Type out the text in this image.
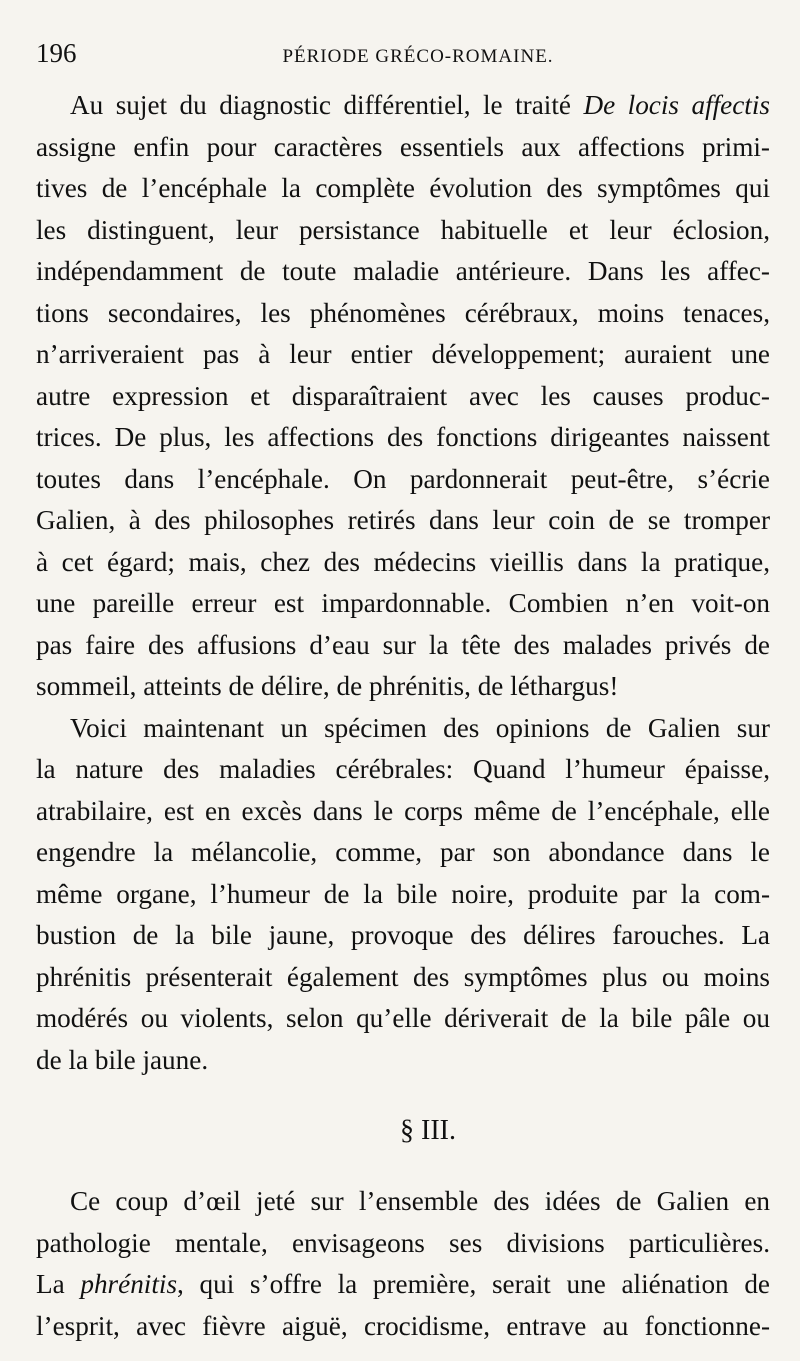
196	PÉRIODE GRÉCO-ROMAINE.

Au sujet du diagnostic différentiel, le traité De locis affectis
assigne enfin pour caractères essentiels aux affections primi-
tives de l’encéphale la complète évolution des symptômes qui
les distinguent, leur persistance habituelle et leur éclosion,
indépendamment de toute maladie antérieure. Dans les affec-
tions secondaires, les phénomènes cérébraux, moins tenaces,
n’arriveraient pas à leur entier développement; auraient une
autre expression et disparaîtraient avec les causes produc-
trices. De plus, les affections des fonctions dirigeantes naissent
toutes dans l’encéphale. On pardonnerait peut-être, s’écrie
Galien, à des philosophes retirés dans leur coin de se tromper
à cet égard; mais, chez des médecins vieillis dans la pratique,
une pareille erreur est impardonnable. Combien n’en voit-on
pas faire des affusions d’eau sur la tête des malades privés de
sommeil, atteints de délire, de phrénitis, de léthargus!

Voici maintenant un spécimen des opinions de Galien sur
la nature des maladies cérébrales: Quand l’humeur épaisse,
atrabilaire, est en excès dans le corps même de l’encéphale, elle
engendre la mélancolie, comme, par son abondance dans le
même organe, l’humeur de la bile noire, produite par la com-
bustion de la bile jaune, provoque des délires farouches. La
phrénitis présenterait également des symptômes plus ou moins
modérés ou violents, selon qu’elle dériverait de la bile pâle ou
de la bile jaune.

§ III.

Ce coup d’œil jeté sur l’ensemble des idées de Galien en
pathologie mentale, envisageons ses divisions particulières.
La phrénitis, qui s’offre la première, serait une aliénation de
l’esprit, avec fièvre aiguë, crocidisme, entrave au fonctionne-
